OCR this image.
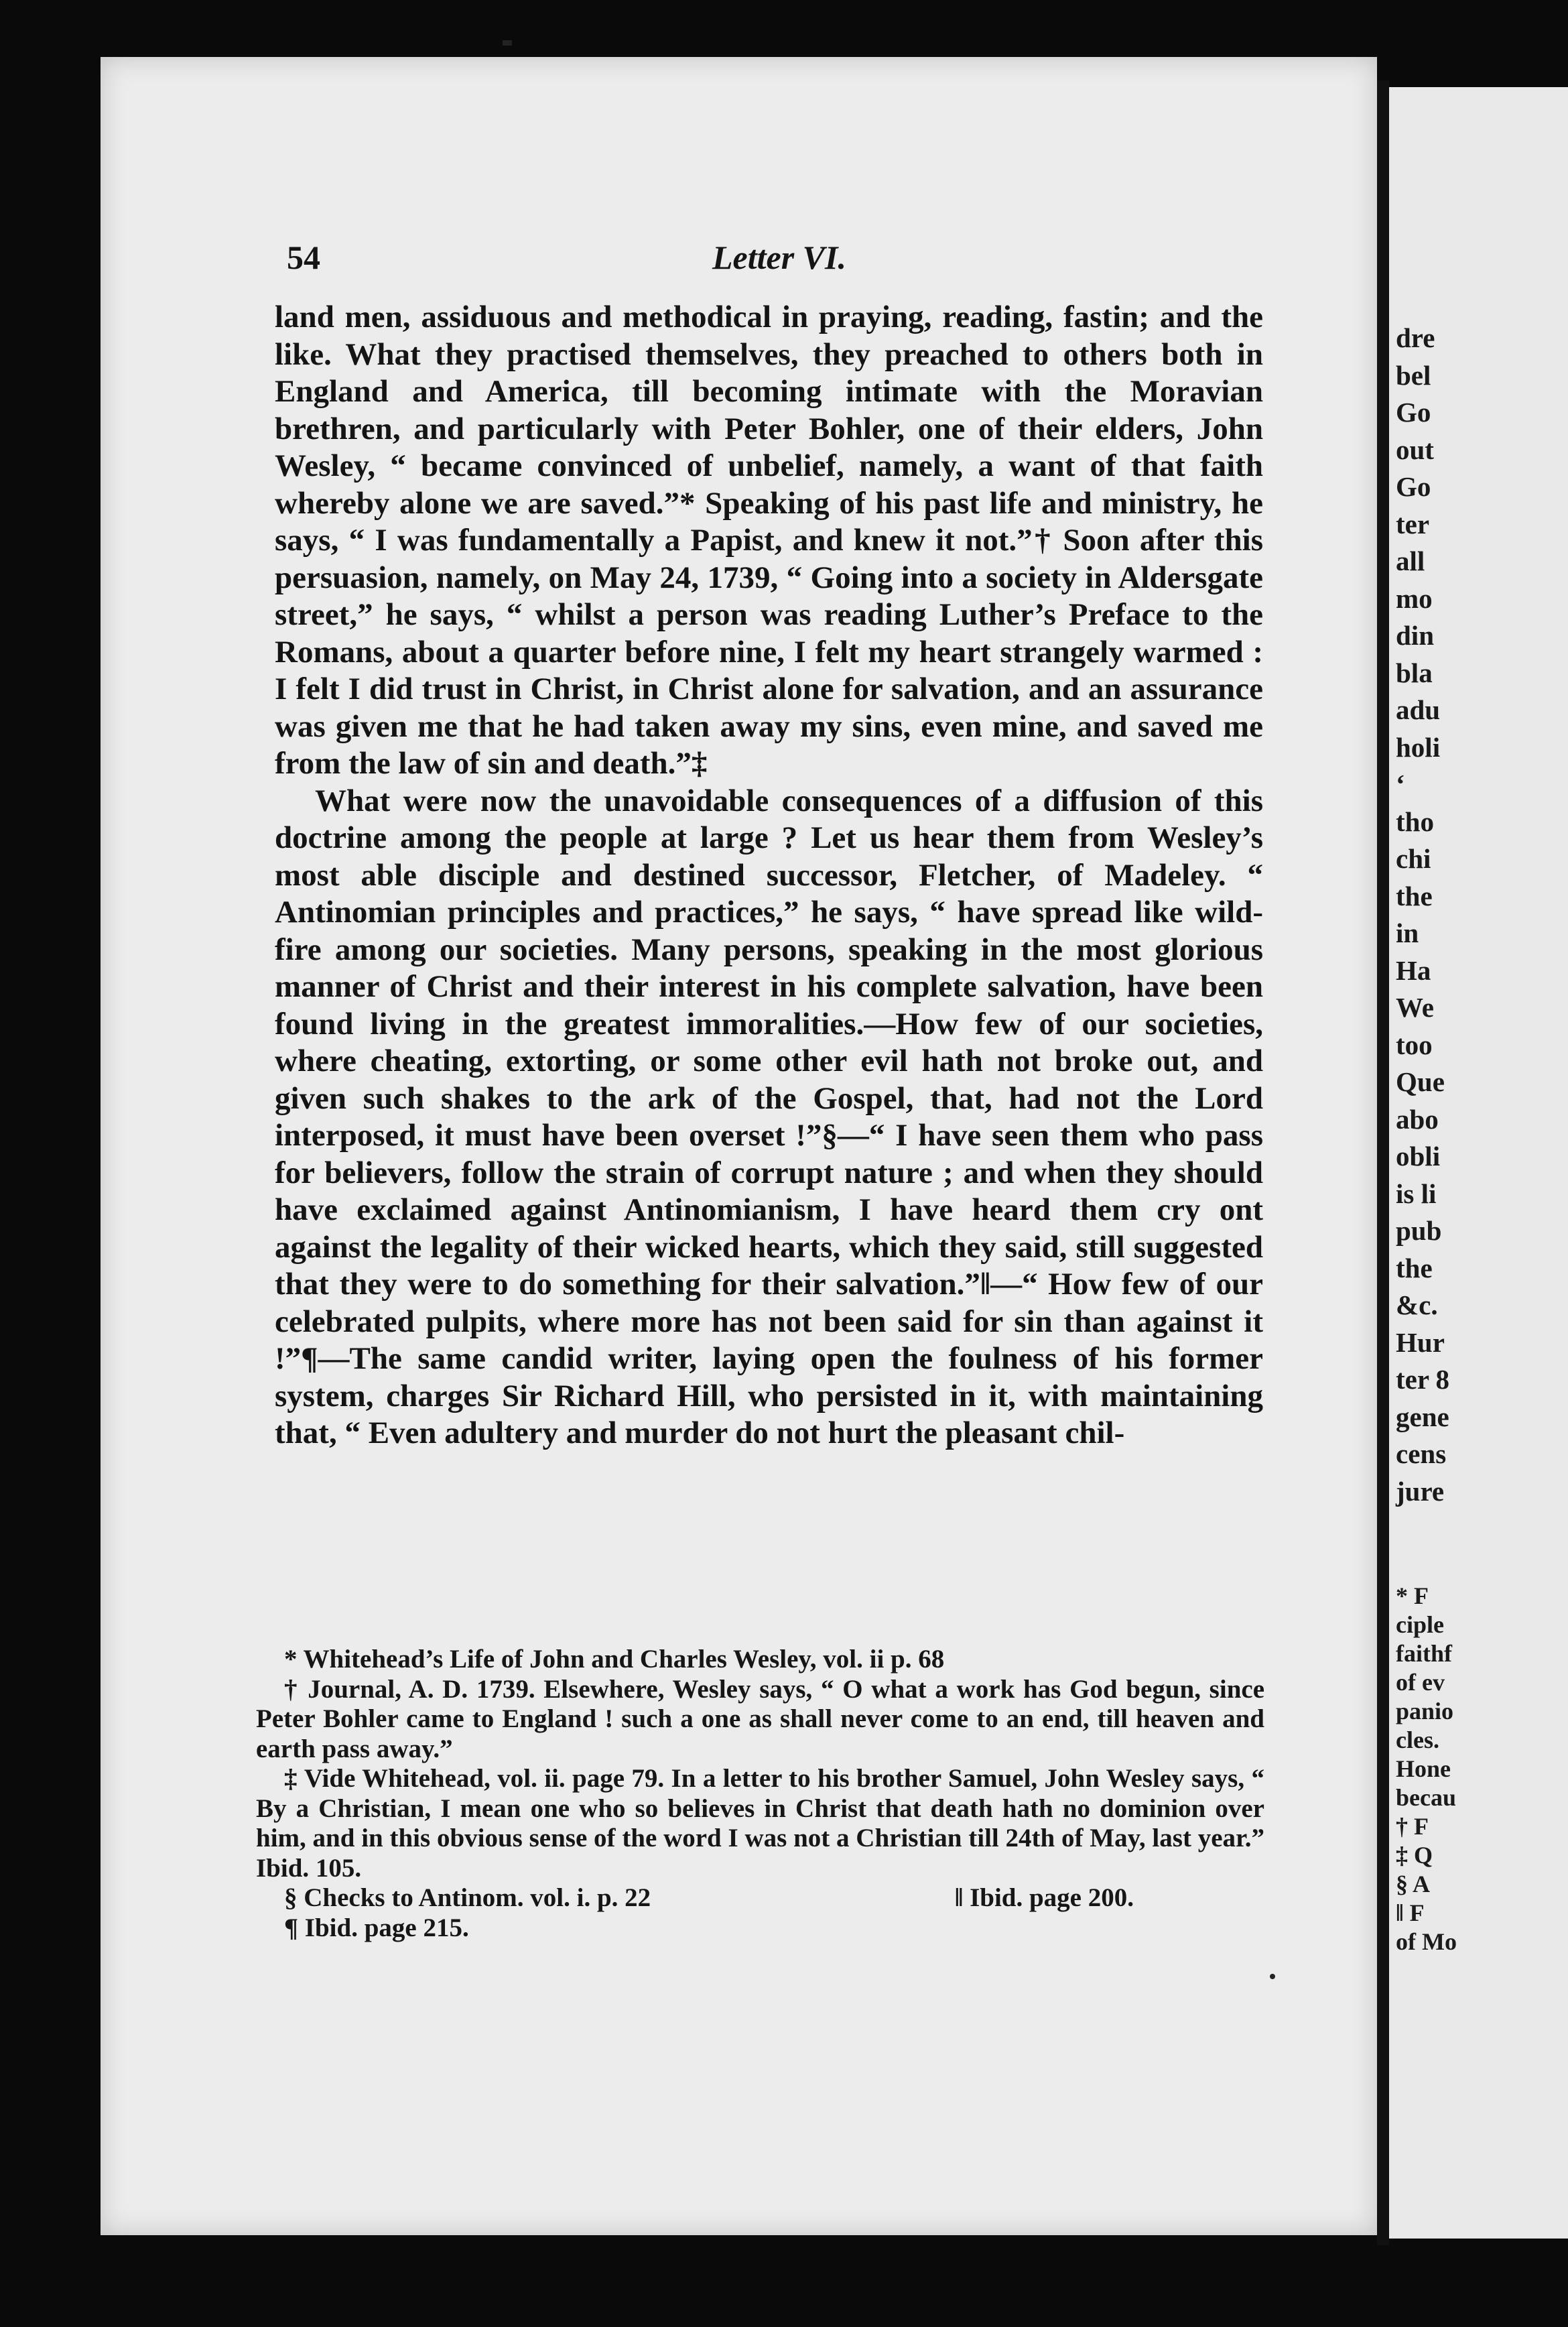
dre
bel
Go
out
Go
ter
all
mo
din
bla
adu
holi
‘
tho
chi
the
in
Ha
We
too
Que
abo
obli
is li
pub
the
&c.
Hur
ter 8
gene
cens
jure
* F
ciple
faithf
of ev
panio
cles.
Hone
becau
† F
‡ Q
§ A
‖ F
of Mo
54	Letter VI.

land men, assiduous and methodical in praying, reading, fastin; and the like. What they practised themselves, they preached to others both in England and America, till becoming intimate with the Moravian brethren, and particularly with Peter Bohler, one of their elders, John Wesley, “ became convinced of unbelief, namely, a want of that faith whereby alone we are saved.”* Speaking of his past life and ministry, he says, “ I was fundamentally a Papist, and knew it not.”† Soon after this persuasion, namely, on May 24, 1739, “ Going into a society in Aldersgate street,” he says, “ whilst a person was reading Luther’s Preface to the Romans, about a quarter before nine, I felt my heart strangely warmed : I felt I did trust in Christ, in Christ alone for salvation, and an assurance was given me that he had taken away my sins, even mine, and saved me from the law of sin and death.”‡

What were now the unavoidable consequences of a diffusion of this doctrine among the people at large ? Let us hear them from Wesley’s most able disciple and destined successor, Fletcher, of Madeley. “ Antinomian principles and practices,” he says, “ have spread like wild-fire among our societies. Many persons, speaking in the most glorious manner of Christ and their interest in his complete salvation, have been found living in the greatest immoralities.—How few of our societies, where cheating, extorting, or some other evil hath not broke out, and given such shakes to the ark of the Gospel, that, had not the Lord interposed, it must have been overset !”§—“ I have seen them who pass for believers, follow the strain of corrupt nature ; and when they should have exclaimed against Antinomianism, I have heard them cry ont against the legality of their wicked hearts, which they said, still suggested that they were to do something for their salvation.”‖—“ How few of our celebrated pulpits, where more has not been said for sin than against it !”¶—The same candid writer, laying open the foulness of his former system, charges Sir Richard Hill, who persisted in it, with maintaining that, “ Even adultery and murder do not hurt the pleasant chil-

* Whitehead’s Life of John and Charles Wesley, vol. ii p. 68

† Journal, A. D. 1739. Elsewhere, Wesley says, “ O what a work has God begun, since Peter Bohler came to England ! such a one as shall never come to an end, till heaven and earth pass away.”

‡ Vide Whitehead, vol. ii. page 79. In a letter to his brother Samuel, John Wesley says, “ By a Christian, I mean one who so believes in Christ that death hath no dominion over him, and in this obvious sense of the word I was not a Christian till 24th of May, last year.” Ibid. 105.

§ Checks to Antinom. vol. i. p. 22	‖ Ibid. page 200.

¶ Ibid. page 215.
